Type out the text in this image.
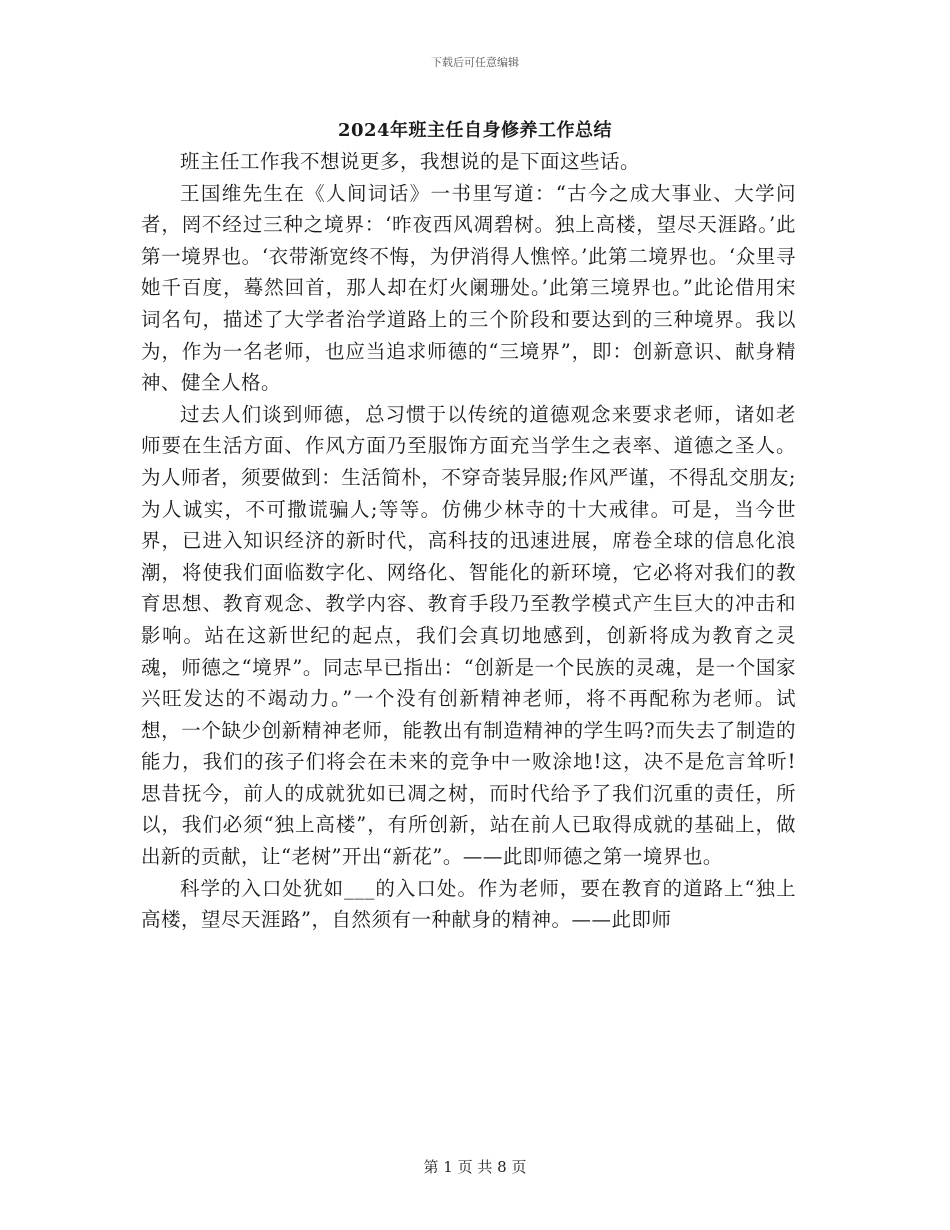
下载后可任意编辑
2024年班主任自身修养工作总结

班主任工作我不想说更多，我想说的是下面这些话。

王国维先生在《人间词话》一书里写道：“古今之成大事业、大学问者，罔不经过三种之境界：‘昨夜西风凋碧树。独上高楼，望尽天涯路。’此第一境界也。‘衣带渐宽终不悔，为伊消得人憔悴。’此第二境界也。‘众里寻她千百度，蓦然回首，那人却在灯火阑珊处。’此第三境界也。”此论借用宋词名句，描述了大学者治学道路上的三个阶段和要达到的三种境界。我以为，作为一名老师，也应当追求师德的“三境界”，即：创新意识、献身精神、健全人格。

过去人们谈到师德，总习惯于以传统的道德观念来要求老师，诸如老师要在生活方面、作风方面乃至服饰方面充当学生之表率、道德之圣人。为人师者，须要做到：生活简朴，不穿奇装异服;作风严谨，不得乱交朋友;为人诚实，不可撒谎骗人;等等。仿佛少林寺的十大戒律。可是，当今世界，已进入知识经济的新时代，高科技的迅速进展，席卷全球的信息化浪潮，将使我们面临数字化、网络化、智能化的新环境，它必将对我们的教育思想、教育观念、教学内容、教育手段乃至教学模式产生巨大的冲击和影响。站在这新世纪的起点，我们会真切地感到，创新将成为教育之灵魂，师德之“境界”。同志早已指出：“创新是一个民族的灵魂，是一个国家兴旺发达的不竭动力。”一个没有创新精神老师，将不再配称为老师。试想，一个缺少创新精神老师，能教出有制造精神的学生吗?而失去了制造的能力，我们的孩子们将会在未来的竞争中一败涂地!这，决不是危言耸听!思昔抚今，前人的成就犹如已凋之树，而时代给予了我们沉重的责任，所以，我们必须“独上高楼”，有所创新，站在前人已取得成就的基础上，做出新的贡献，让“老树”开出“新花”。——此即师德之第一境界也。

科学的入口处犹如___的入口处。作为老师，要在教育的道路上“独上高楼，望尽天涯路”，自然须有一种献身的精神。——此即师

第 1 页 共 8 页
